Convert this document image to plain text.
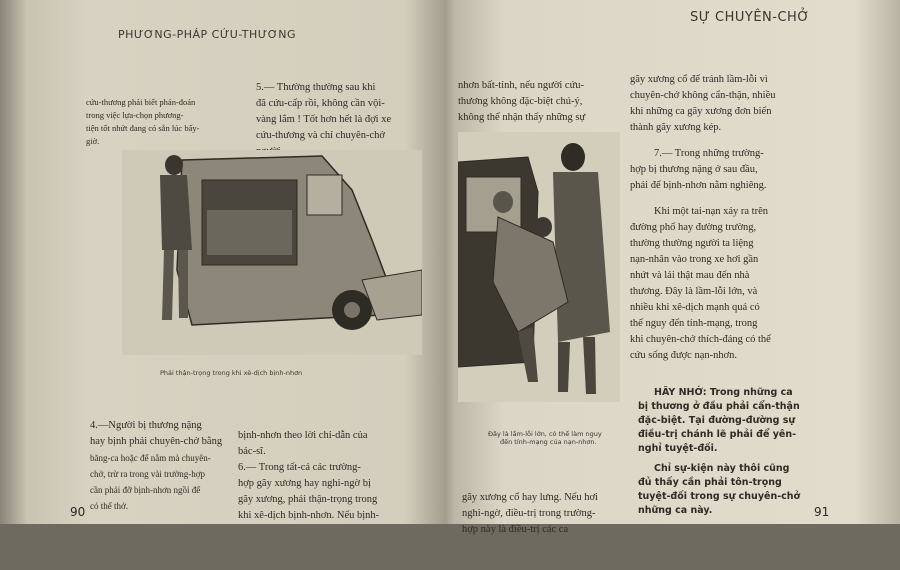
PHƯƠNG-PHÁP CỨU-THƯƠNG

cứu-thương phải biết phán-đoán
trong việc lựa-chọn phương-
tiện tốt nhứt đang có sẵn lúc bấy-
giờ.

5.— Thường thường sau khi
đã cứu-cấp rồi, không cần vội-
vàng lắm ! Tốt hơn hết là đợi xe
cứu-thương và chỉ chuyên-chở

Phải thận-trọng trong khi xê-dịch bịnh-nhơn

4.—Người bị thương nặng
hay bịnh phải chuyên-chở bằng
băng-ca hoặc để nằm mà chuyên-
chở, trừ ra trong vài trường-hợp
cần phải đỡ bịnh-nhơn ngồi để
có thể thở.

bịnh-nhơn theo lời chỉ-dẫn của
bác-sĩ.
6.— Trong tất-cả các trường-
hợp gãy xương hay nghi-ngờ bị
gãy xương, phải thận-trọng trong
khi xê-dịch bịnh-nhơn. Nếu bịnh-

90
SỰ CHUYÊN-CHỞ

nhơn bất-tỉnh, nếu người cứu-
thương không đặc-biệt chú-ý,
không thể nhận thấy những sự

Đây là lầm-lỗi lớn, có thể làm nguy
đến tính-mạng của nạn-nhơn.

gãy xương cổ để tránh lầm-lỗi vì
chuyên-chở không cẩn-thận, nhiều
khi những ca gãy xương đơn biến
thành gãy xương kép.
7.— Trong những trường-
hợp bị thương nặng ở sau đầu,
phải để bịnh-nhơn nằm nghiêng.
Khi một tai-nạn xảy ra trên
đường phố hay đường trường,
thường thường người ta liệng
nạn-nhân vào trong xe hơi gần
nhứt và lái thật mau đến nhà
thương. Đây là lầm-lỗi lớn, và
nhiều khi xê-dịch mạnh quá có
thể nguy đến tính-mạng, trong
khi chuyên-chở thích-đáng có thể
cứu sống được nạn-nhơn.

HÃY NHỚ: Trong những ca
bị thương ở đầu phải cẩn-thận
đặc-biệt. Tại đường-đường sự
điều-trị chánh lẽ phải để yên-
nghỉ tuyệt-đối.
Chỉ sự-kiện này thôi cũng
đủ thấy cần phải tôn-trọng
tuyệt-đối trong sự chuyên-chở
những ca này.

gãy xương cổ hay lưng. Nếu hơi
nghi-ngờ, điều-trị trong trường-
hợp này là điều-trị các ca

91
